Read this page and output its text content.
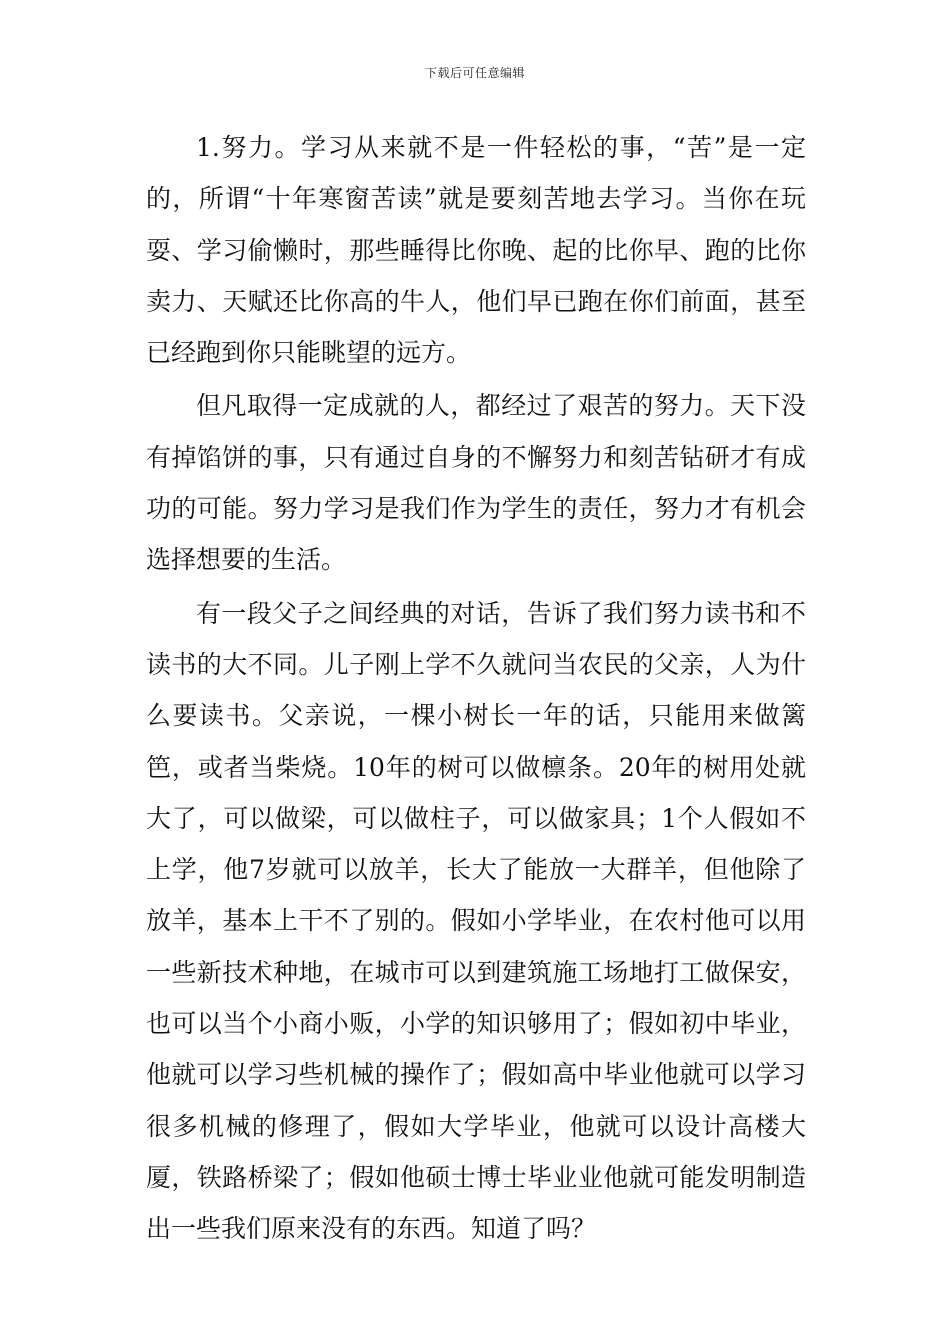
下载后可任意编辑

1.努力。学习从来就不是一件轻松的事，“苦”是一定的，所谓“十年寒窗苦读”就是要刻苦地去学习。当你在玩耍、学习偷懒时，那些睡得比你晚、起的比你早、跑的比你卖力、天赋还比你高的牛人，他们早已跑在你们前面，甚至已经跑到你只能眺望的远方。

但凡取得一定成就的人，都经过了艰苦的努力。天下没有掉馅饼的事，只有通过自身的不懈努力和刻苦钻研才有成功的可能。努力学习是我们作为学生的责任，努力才有机会选择想要的生活。

有一段父子之间经典的对话，告诉了我们努力读书和不读书的大不同。儿子刚上学不久就问当农民的父亲，人为什么要读书。父亲说，一棵小树长一年的话，只能用来做篱笆，或者当柴烧。10年的树可以做檩条。20年的树用处就大了，可以做梁，可以做柱子，可以做家具；1个人假如不上学，他7岁就可以放羊，长大了能放一大群羊，但他除了放羊，基本上干不了别的。假如小学毕业，在农村他可以用一些新技术种地，在城市可以到建筑施工场地打工做保安，也可以当个小商小贩，小学的知识够用了；假如初中毕业，他就可以学习些机械的操作了；假如高中毕业他就可以学习很多机械的修理了，假如大学毕业，他就可以设计高楼大厦，铁路桥梁了；假如他硕士博士毕业业他就可能发明制造出一些我们原来没有的东西。知道了吗？
